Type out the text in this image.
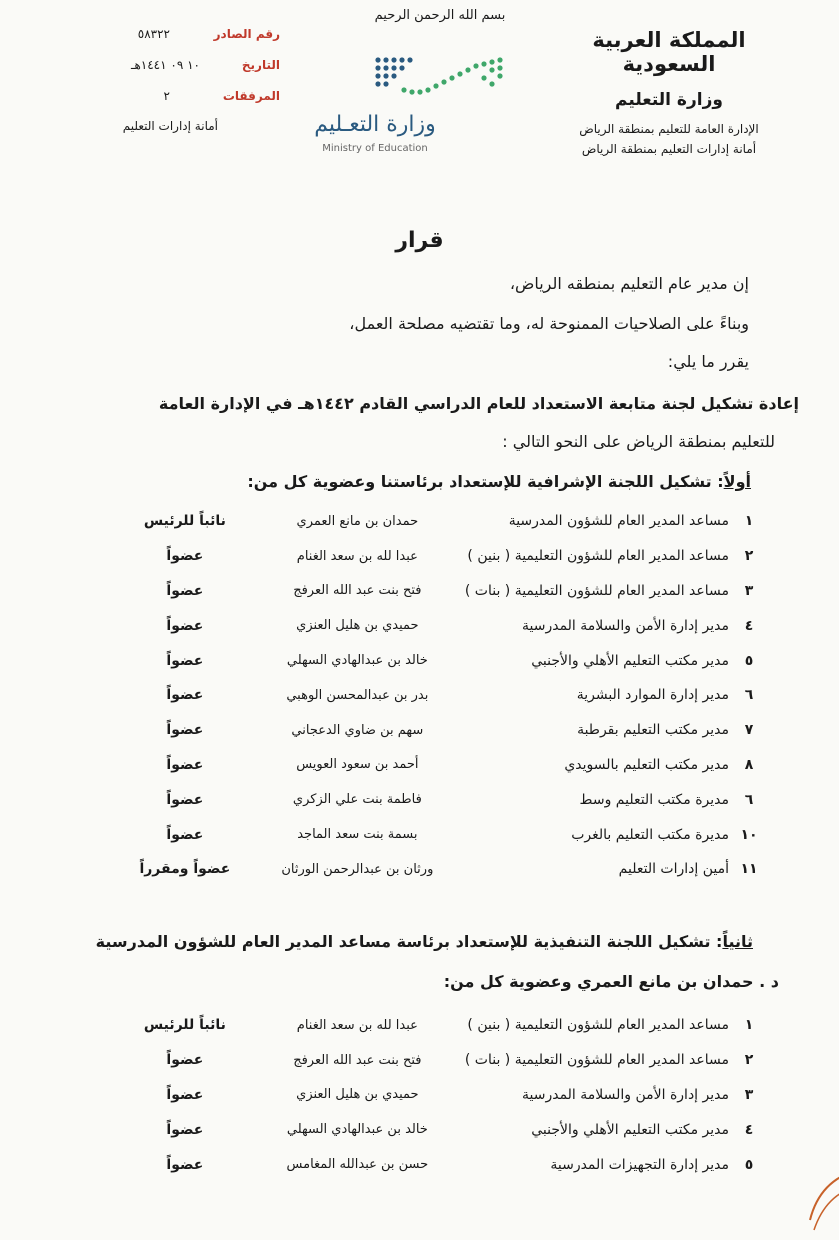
المملكة العربية السعودية
وزارة التعليم
الإدارة العامة للتعليم بمنطقة الرياض
أمانة إدارات التعليم بمنطقة الرياض
بسم الله الرحمن الرحيم
وزارة التعـليم
Ministry of Education
رقم الصادر
٥٨٣٢٢
التاريخ
١٠ ٠٩ ١٤٤١هـ
المرفقات
٢
أمانة إدارات التعليم
قرار
إن مدير عام التعليم بمنطقه الرياض،
وبناءً على الصلاحيات الممنوحة له، وما تقتضيه مصلحة العمل،
يقرر ما يلي:
إعادة تشكيل لجنة متابعة الاستعداد للعام الدراسي القادم ١٤٤٢هـ في الإدارة العامة
للتعليم بمنطقة الرياض على النحو التالي :
أولاً: تشكيل اللجنة الإشرافية للإستعداد برئاستنا وعضوية كل من:
١	مساعد المدير العام للشؤون المدرسية	حمدان بن مانع العمري	نائباً للرئيس
٢	مساعد المدير العام للشؤون التعليمية ( بنين )	عبدا لله بن سعد الغنام	عضواً
٣	مساعد المدير العام للشؤون التعليمية ( بنات )	فتح بنت عبد الله العرفج	عضواً
٤	مدير إدارة الأمن والسلامة المدرسية	حميدي بن هليل العنزي	عضواً
٥	مدير مكتب التعليم الأهلي والأجنبي	خالد بن عبدالهادي السهلي	عضواً
٦	مدير إدارة الموارد البشرية	بدر بن عبدالمحسن الوهبي	عضواً
٧	مدير مكتب التعليم بقرطبة	سهم بن ضاوي الدعجاني	عضواً
٨	مدير مكتب التعليم بالسويدي	أحمد بن سعود العويس	عضواً
٦	مديرة مكتب التعليم وسط	فاطمة بنت علي الزكري	عضواً
١٠	مديرة مكتب التعليم بالغرب	بسمة بنت سعد الماجد	عضواً
١١	أمين إدارات التعليم	ورثان بن عبدالرحمن الورثان	عضواً ومقرراً
ثانياً: تشكيل اللجنة التنفيذية للإستعداد برئاسة مساعد المدير العام للشؤون المدرسية
د . حمدان بن مانع العمري وعضوية كل من:
١	مساعد المدير العام للشؤون التعليمية ( بنين )	عبدا لله بن سعد الغنام	نائباً للرئيس
٢	مساعد المدير العام للشؤون التعليمية ( بنات )	فتح بنت عبد الله العرفج	عضواً
٣	مدير إدارة الأمن والسلامة المدرسية	حميدي بن هليل العنزي	عضواً
٤	مدير مكتب التعليم الأهلي والأجنبي	خالد بن عبدالهادي السهلي	عضواً
٥	مدير إدارة التجهيزات المدرسية	حسن بن عبدالله المغامس	عضواً
